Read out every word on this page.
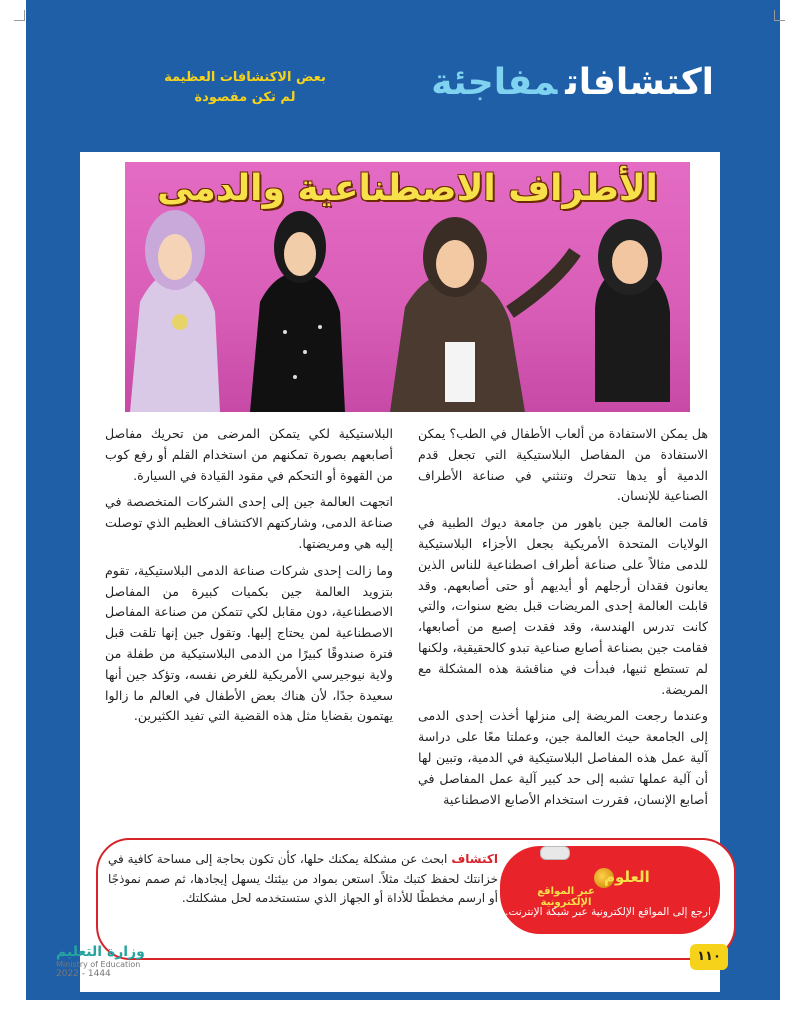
اكتشافاتمفاجئة
بعض الاكتشافات العظيمة
لم تكن مقصودة
الأطراف الاصطناعية والدمى

هل يمكن الاستفادة من ألعاب الأطفال في الطب؟ يمكن الاستفادة من المفاصل البلاستيكية التي تجعل قدم الدمية أو يدها تتحرك وتنثني في صناعة الأطراف الصناعية للإنسان.

قامت العالمة جين باهور من جامعة ديوك الطبية في الولايات المتحدة الأمريكية بجعل الأجزاء البلاستيكية للدمى مثالاً على صناعة أطراف اصطناعية للناس الذين يعانون فقدان أرجلهم أو أيديهم أو حتى أصابعهم. وقد قابلت العالمة إحدى المريضات قبل بضع سنوات، والتي كانت تدرس الهندسة، وقد فقدت إصبع من أصابعها، فقامت جين بصناعة أصابع صناعية تبدو كالحقيقية، ولكنها لم تستطع ثنيها، فبدأت في مناقشة هذه المشكلة مع المريضة.

وعندما رجعت المريضة إلى منزلها أخذت إحدى الدمى إلى الجامعة حيث العالمة جين، وعملتا معًا على دراسة آلية عمل هذه المفاصل البلاستيكية في الدمية، وتبين لها أن آلية عملها تشبه إلى حد كبير آلية عمل المفاصل في أصابع الإنسان، فقررت استخدام الأصابع الاصطناعية

البلاستيكية لكي يتمكن المرضى من تحريك مفاصل أصابعهم بصورة تمكنهم من استخدام القلم أو رفع كوب من القهوة أو التحكم في مقود القيادة في السيارة.

اتجهت العالمة جين إلى إحدى الشركات المتخصصة في صناعة الدمى، وشاركتهم الاكتشاف العظيم الذي توصلت إليه هي ومريضتها.

وما زالت إحدى شركات صناعة الدمى البلاستيكية، تقوم بتزويد العالمة جين بكميات كبيرة من المفاصل الاصطناعية، دون مقابل لكي تتمكن من صناعة المفاصل الاصطناعية لمن يحتاج إليها. وتقول جين إنها تلقت قبل فترة صندوقًا كبيرًا من الدمى البلاستيكية من طفلة من ولاية نيوجيرسي الأمريكية للغرض نفسه، وتؤكد جين أنها سعيدة جدًا، لأن هناك بعض الأطفال في العالم ما زالوا يهتمون بقضايا مثل هذه القضية التي تفيد الكثيرين.

العلوم
عبر المواقع الإلكترونية
ارجع إلى المواقع الإلكترونية عبر شبكة الإنترنت.
اكتشاف ابحث عن مشكلة يمكنك حلها، كأن تكون بحاجة إلى مساحة كافية في خزانتك لحفظ كتبك مثلاً. استعن بمواد من بيئتك يسهل إيجادها، ثم صمم نموذجًا أو ارسم مخططًا للأداة أو الجهاز الذي ستستخدمه لحل مشكلتك.
١١٠
وزارة التعليم
Ministry of Education
2022 - 1444
